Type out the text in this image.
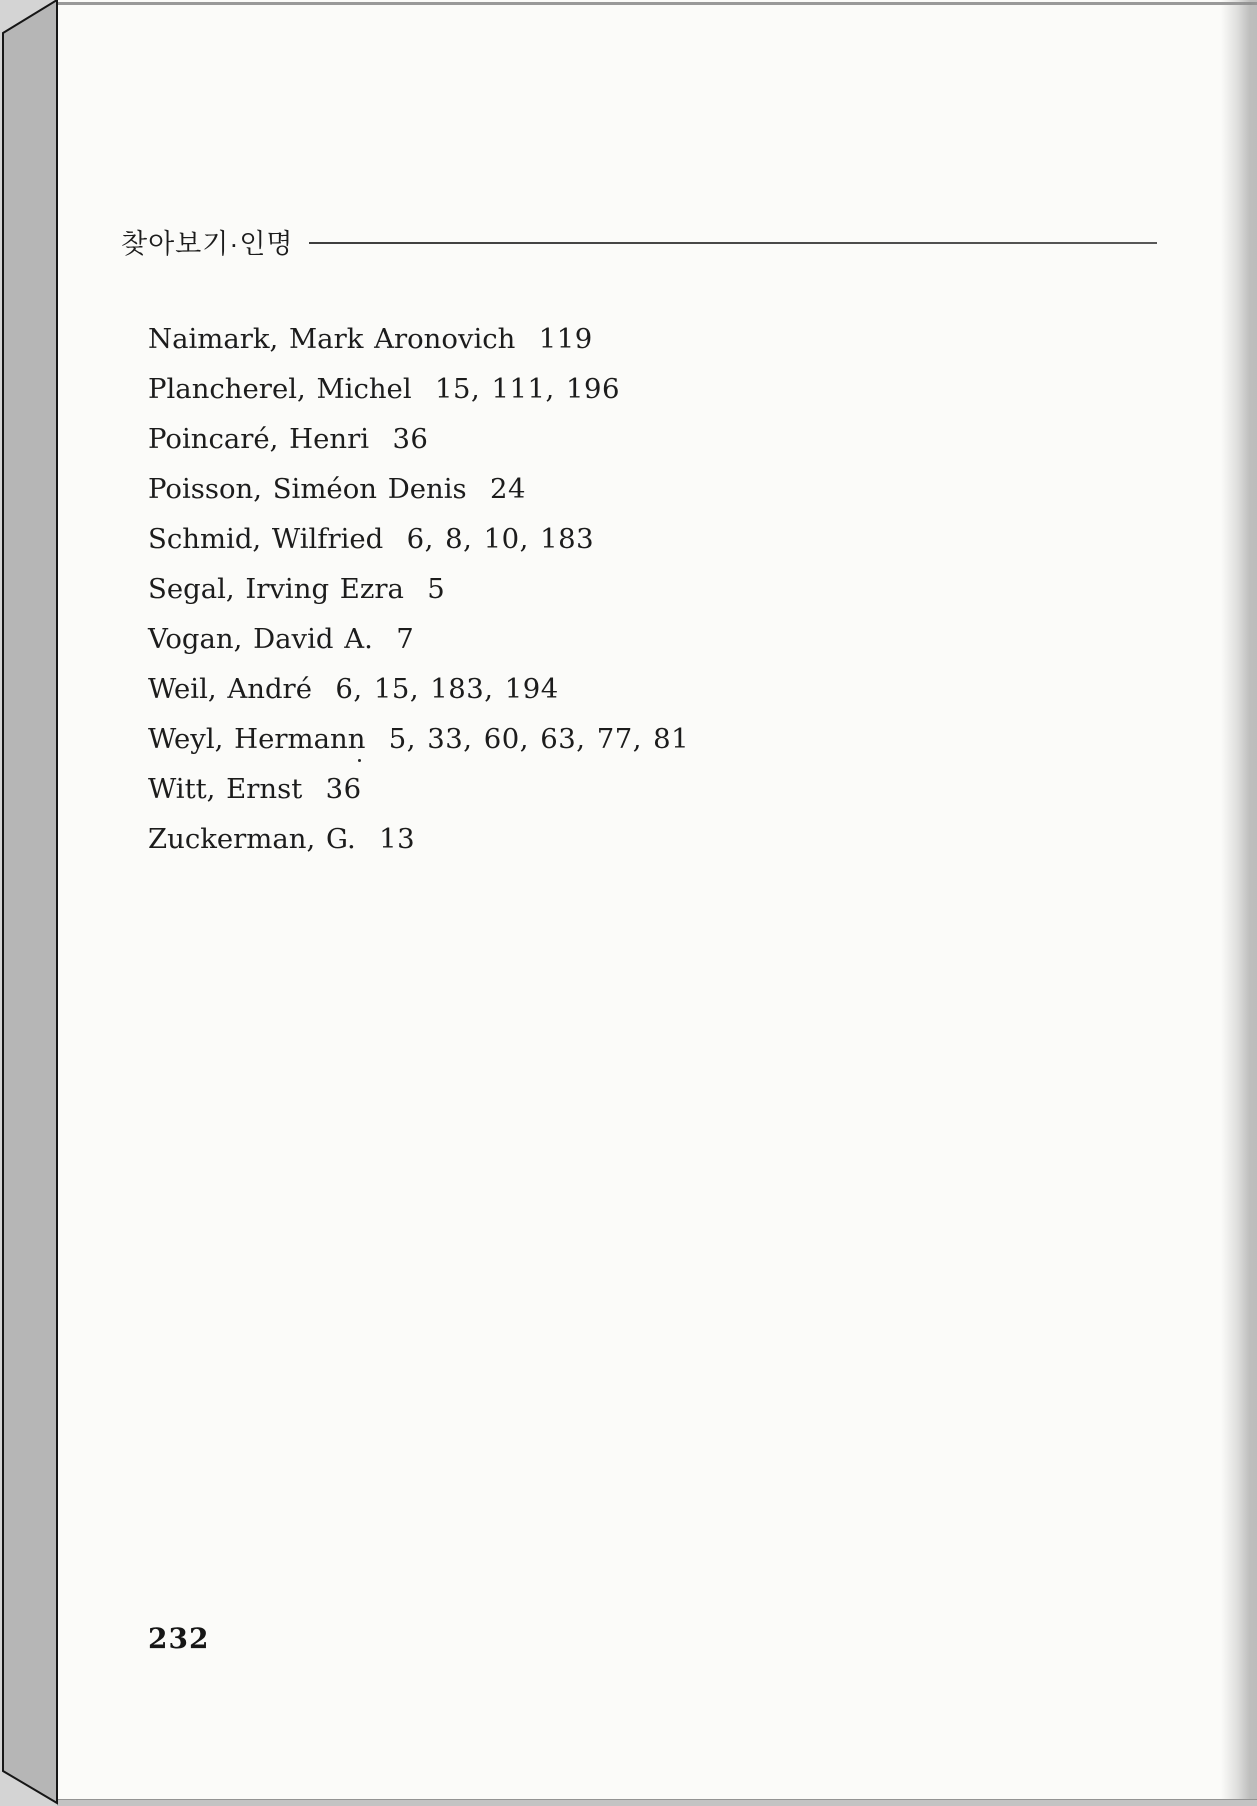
찾아보기·인명
Naimark, Mark Aronovich 119
Plancherel, Michel 15, 111, 196
Poincaré, Henri 36
Poisson, Siméon Denis 24
Schmid, Wilfried 6, 8, 10, 183
Segal, Irving Ezra 5
Vogan, David A. 7
Weil, André 6, 15, 183, 194
Weyl, Hermann 5, 33, 60, 63, 77, 81
Witt, Ernst 36
Zuckerman, G. 13
232
